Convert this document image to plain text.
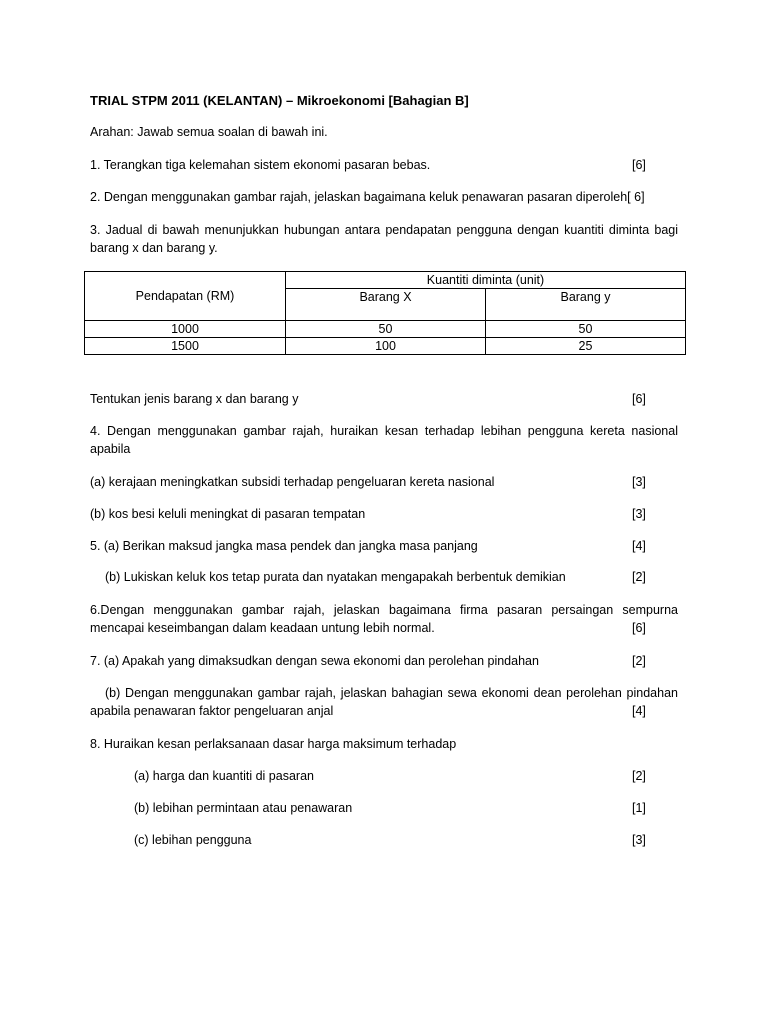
TRIAL STPM 2011 (KELANTAN) – Mikroekonomi [Bahagian B]
Arahan: Jawab semua soalan di bawah ini.
1. Terangkan tiga kelemahan sistem ekonomi pasaran bebas.	[6]
2. Dengan menggunakan gambar rajah, jelaskan bagaimana keluk penawaran pasaran diperoleh[ 6]
3. Jadual di bawah menunjukkan hubungan antara pendapatan pengguna dengan kuantiti diminta bagi
barang x dan barang y.
Pendapatan (RM)	Kuantiti diminta (unit)	
	Barang X	Barang y
1000	50	50
1500	100	25
Tentukan jenis barang x dan barang y	[6]
4. Dengan menggunakan gambar rajah, huraikan kesan terhadap lebihan pengguna kereta nasional
apabila
(a) kerajaan meningkatkan subsidi terhadap pengeluaran kereta nasional	[3]
(b) kos besi keluli meningkat di pasaran tempatan	[3]
5. (a) Berikan maksud jangka masa pendek dan jangka masa panjang	[4]
(b) Lukiskan keluk kos tetap purata dan nyatakan mengapakah berbentuk demikian	[2]
6.Dengan menggunakan gambar rajah, jelaskan bagaimana firma pasaran persaingan sempurna
mencapai keseimbangan dalam keadaan untung lebih normal.	[6]
7. (a) Apakah yang dimaksudkan dengan sewa ekonomi dan perolehan pindahan	[2]
(b) Dengan menggunakan gambar rajah, jelaskan bahagian sewa ekonomi dean perolehan pindahan
apabila penawaran faktor pengeluaran anjal	[4]
8. Huraikan kesan perlaksanaan dasar harga maksimum terhadap
(a) harga dan kuantiti di pasaran	[2]
(b) lebihan permintaan atau penawaran	[1]
(c) lebihan pengguna	[3]
